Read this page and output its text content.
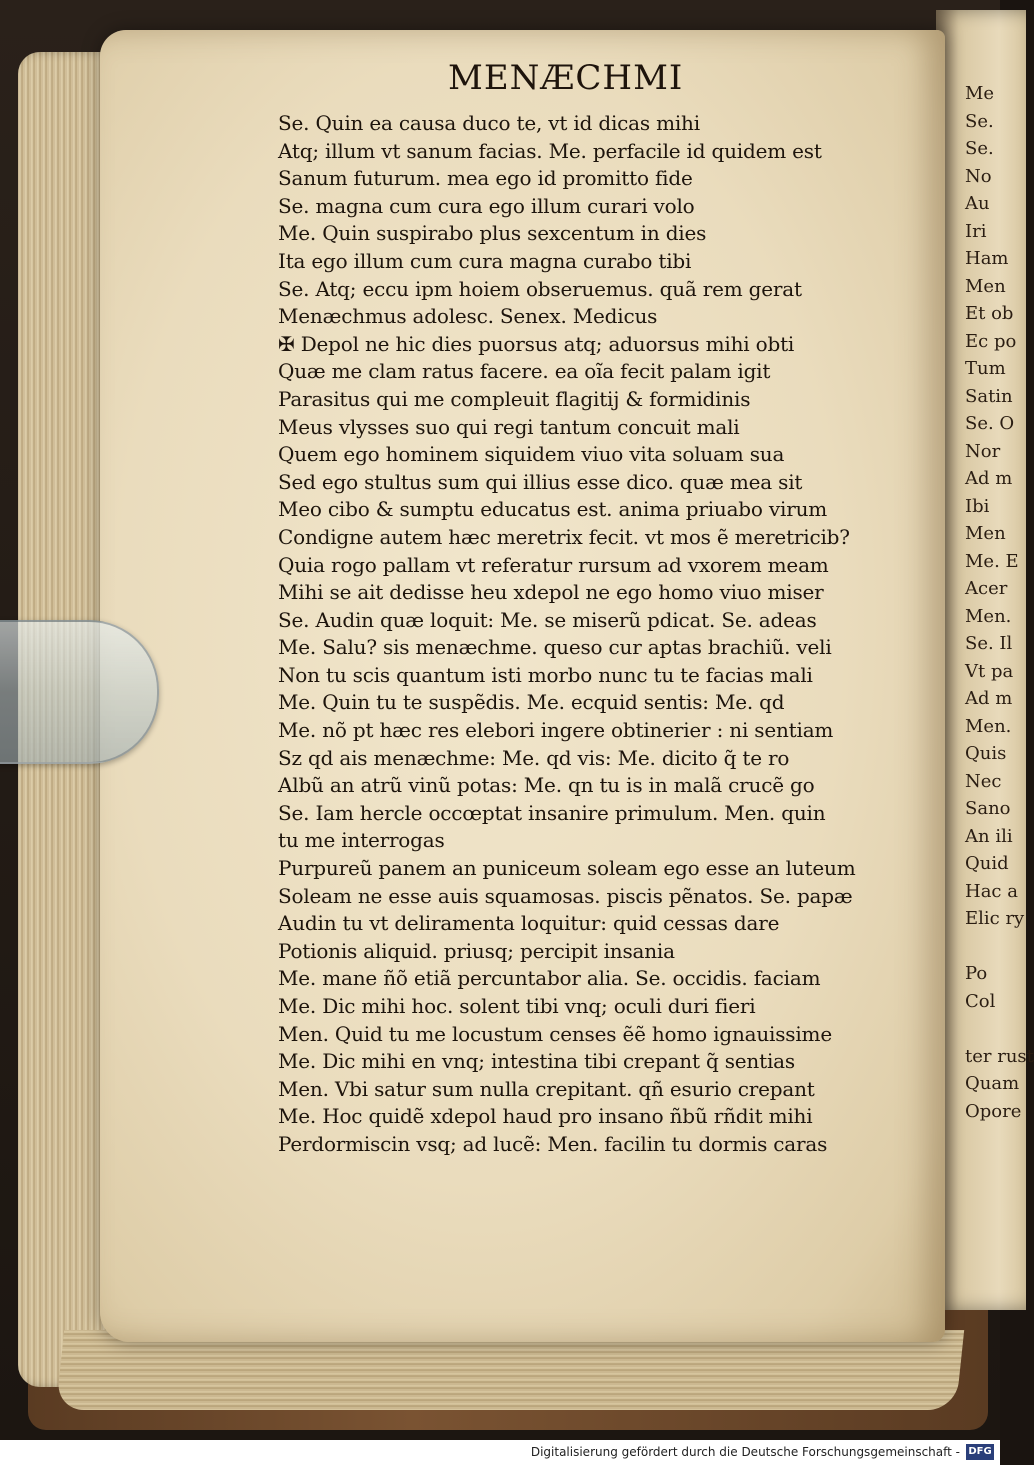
Me
Se.
Se.
No
Au
Iri
Ham
Men
Et ob
Ec po
Tum
Satin
Se. O
Nor
Ad m
Ibi
Men
Me. E
Acer
Men.
Se. Il
Vt pa
Ad m
Men.
Quis
Nec
Sano
An ili
Quid
Hac a
Elic ry
Po
Col
ter rust
Quam
Opore
MENÆCHMI
Se. Quin ea causa duco te, vt id dicas mihi
Atq; illum vt sanum facias. Me. perfacile id quidem est
Sanum futurum. mea ego id promitto fide
Se. magna cum cura ego illum curari volo
Me. Quin suspirabo plus sexcentum in dies
Ita ego illum cum cura magna curabo tibi
Se. Atq; eccu ipm hoiem obseruemus. quã rem gerat
Menæchmus adolesc. Senex. Medicus
✠ Depol ne hic dies puorsus atq; aduorsus mihi obti
Quæ me clam ratus facere. ea oĩa fecit palam igit
Parasitus qui me compleuit flagitij & formidinis
Meus vlysses suo qui regi tantum concuit mali
Quem ego hominem siquidem viuo vita soluam sua
Sed ego stultus sum qui illius esse dico. quæ mea sit
Meo cibo & sumptu educatus est. anima priuabo virum
Condigne autem hæc meretrix fecit. vt mos ẽ meretricib?
Quia rogo pallam vt referatur rursum ad vxorem meam
Mihi se ait dedisse heu xdepol ne ego homo viuo miser
Se. Audin quæ loquit: Me. se miserũ pdicat. Se. adeas
Me. Salu? sis menæchme. queso cur aptas brachiũ. veli
Non tu scis quantum isti morbo nunc tu te facias mali
Me. Quin tu te suspẽdis. Me. ecquid sentis: Me. qd
Me. nõ pt hæc res elebori ingere obtinerier : ni sentiam
Sz qd ais menæchme: Me. qd vis: Me. dicito q̃ te ro
Albũ an atrũ vinũ potas: Me. qn tu is in malã crucẽ go
Se. Iam hercle occœptat insanire primulum. Men. quin
tu me interrogas
Purpureũ panem an puniceum soleam ego esse an luteum
Soleam ne esse auis squamosas. piscis pẽnatos. Se. papæ
Audin tu vt deliramenta loquitur: quid cessas dare
Potionis aliquid. priusq; percipit insania
Me. mane ñõ etiã percuntabor alia. Se. occidis. faciam
Me. Dic mihi hoc. solent tibi vnq; oculi duri fieri
Men. Quid tu me locustum censes ẽẽ homo ignauissime
Me. Dic mihi en vnq; intestina tibi crepant q̃ sentias
Men. Vbi satur sum nulla crepitant. qñ esurio crepant
Me. Hoc quidẽ xdepol haud pro insano ñbũ rñdit mihi
Perdormiscin vsq; ad lucẽ: Men. facilin tu dormis caras
Digitalisierung gefördert durch die Deutsche Forschungsgemeinschaft - DFG
